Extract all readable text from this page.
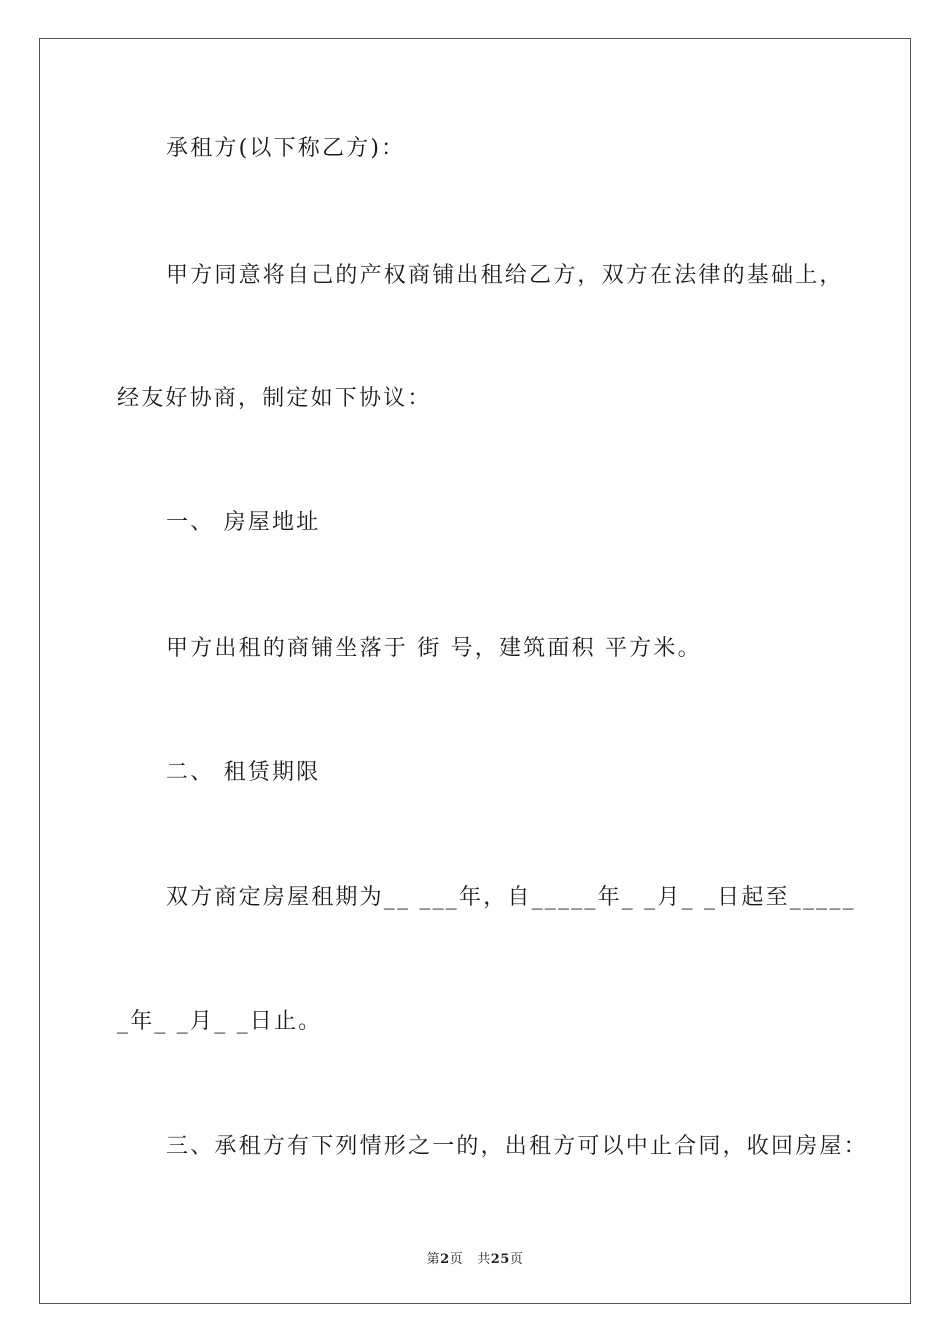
承租方(以下称乙方)：
甲方同意将自己的产权商铺出租给乙方，双方在法律的基础上，
经友好协商，制定如下协议：
一、 房屋地址
甲方出租的商铺坐落于 街 号，建筑面积 平方米。
二、 租赁期限
双方商定房屋租期为__ ___年，自_____年_ _月_ _日起至_____
_年_ _月_ _日止。
三、承租方有下列情形之一的，出租方可以中止合同，收回房屋：
第2页 共25页
